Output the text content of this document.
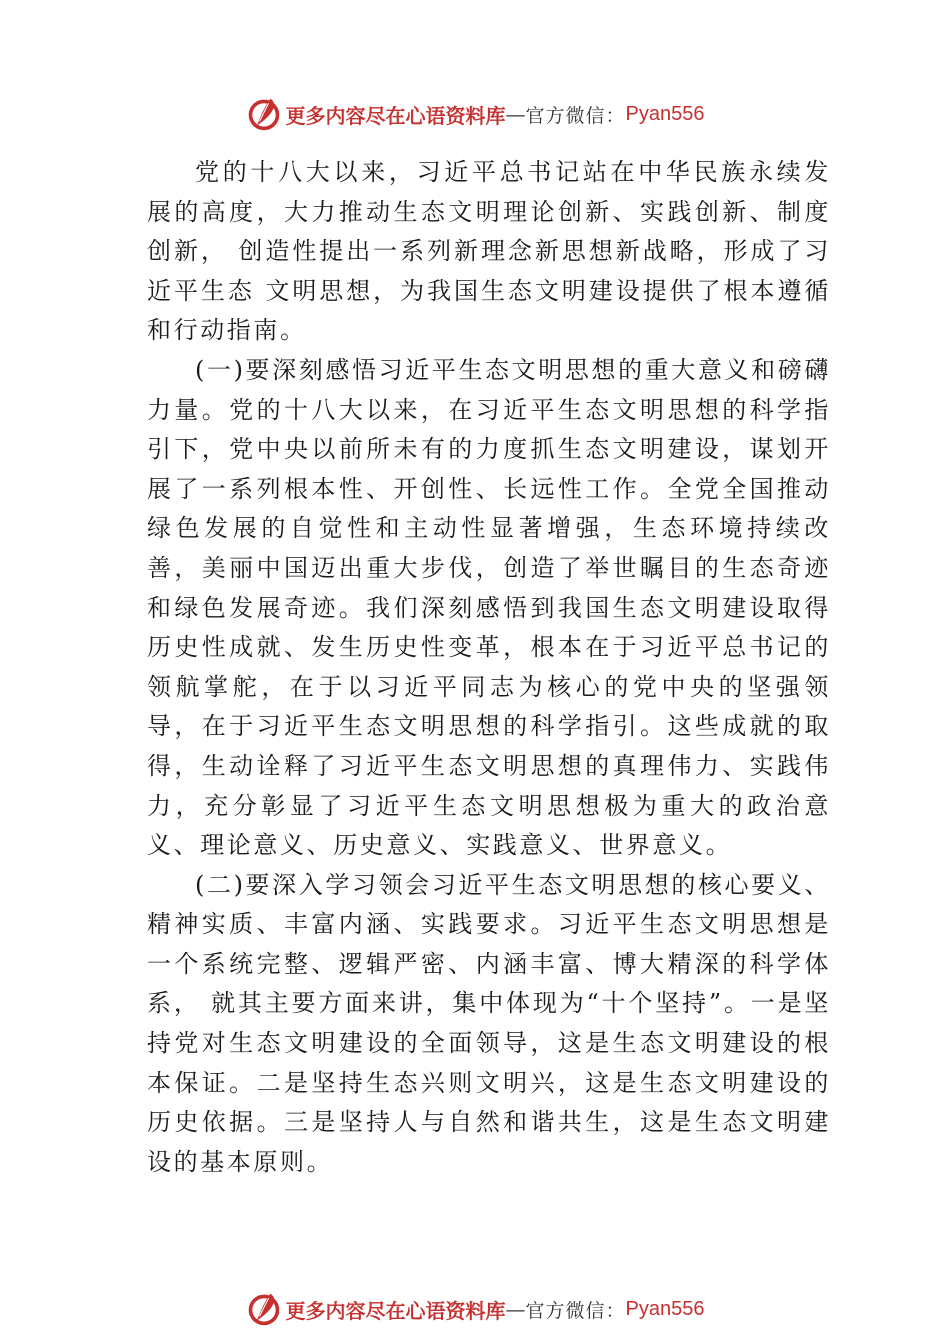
更多内容尽在心语资料库 — 官方微信： Pyan556

党的十八大以来，习近平总书记站在中华民族永续发展的高度，大力推动生态文明理论创新、实践创新、制度创新， 创造性提出一系列新理念新思想新战略，形成了习近平生态 文明思想，为我国生态文明建设提供了根本遵循和行动指南。

(一)要深刻感悟习近平生态文明思想的重大意义和磅礴力量。党的十八大以来，在习近平生态文明思想的科学指引下，党中央以前所未有的力度抓生态文明建设，谋划开展了一系列根本性、开创性、长远性工作。全党全国推动绿色发展的自觉性和主动性显著增强，生态环境持续改善，美丽中国迈出重大步伐，创造了举世瞩目的生态奇迹和绿色发展奇迹。我们深刻感悟到我国生态文明建设取得历史性成就、发生历史性变革，根本在于习近平总书记的领航掌舵，在于以习近平同志为核心的党中央的坚强领导，在于习近平生态文明思想的科学指引。这些成就的取得，生动诠释了习近平生态文明思想的真理伟力、实践伟力，充分彰显了习近平生态文明思想极为重大的政治意义、理论意义、历史意义、实践意义、世界意义。

(二)要深入学习领会习近平生态文明思想的核心要义、精神实质、丰富内涵、实践要求。习近平生态文明思想是一个系统完整、逻辑严密、内涵丰富、博大精深的科学体系， 就其主要方面来讲，集中体现为“十个坚持”。一是坚持党对生态文明建设的全面领导，这是生态文明建设的根本保证。二是坚持生态兴则文明兴，这是生态文明建设的历史依据。三是坚持人与自然和谐共生，这是生态文明建设的基本原则。

更多内容尽在心语资料库 — 官方微信： Pyan556
